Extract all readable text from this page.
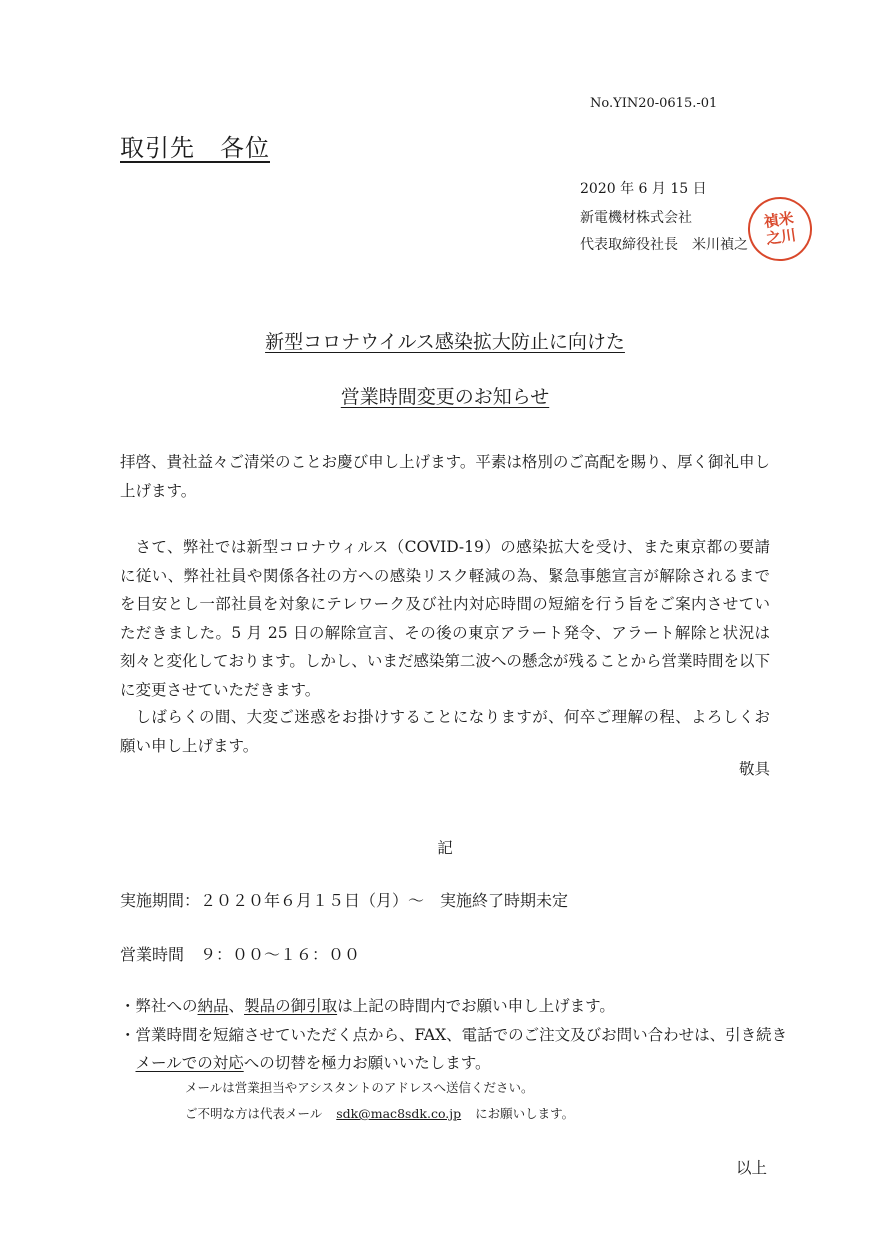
No.YIN20-0615.-01
取引先　各位
2020 年 6 月 15 日
新電機材株式会社
代表取締役社長　米川禎之
禎米之川
新型コロナウイルス感染拡大防止に向けた
営業時間変更のお知らせ
拝啓、貴社益々ご清栄のことお慶び申し上げます。平素は格別のご高配を賜り、厚く御礼申し上げます。
さて、弊社では新型コロナウィルス（COVID-19）の感染拡大を受け、また東京都の要請に従い、弊社社員や関係各社の方への感染リスク軽減の為、緊急事態宣言が解除されるまでを目安とし一部社員を対象にテレワーク及び社内対応時間の短縮を行う旨をご案内させていただきました。5 月 25 日の解除宣言、その後の東京アラート発令、アラート解除と状況は刻々と変化しております。しかし、いまだ感染第二波への懸念が残ることから営業時間を以下に変更させていただきます。
しばらくの間、大変ご迷惑をお掛けすることになりますが、何卒ご理解の程、よろしくお願い申し上げます。
敬具
記
実施期間：２０２０年６月１５日（月）～　実施終了時期未定
営業時間　９：００～１６：００
・弊社への納品、製品の御引取は上記の時間内でお願い申し上げます。
・営業時間を短縮させていただく点から、FAX、電話でのご注文及びお問い合わせは、引き続きメールでの対応への切替を極力お願いいたします。
メールは営業担当やアシスタントのアドレスへ送信ください。
ご不明な方は代表メール sdk@mac8sdk.co.jp にお願いします。
以上
